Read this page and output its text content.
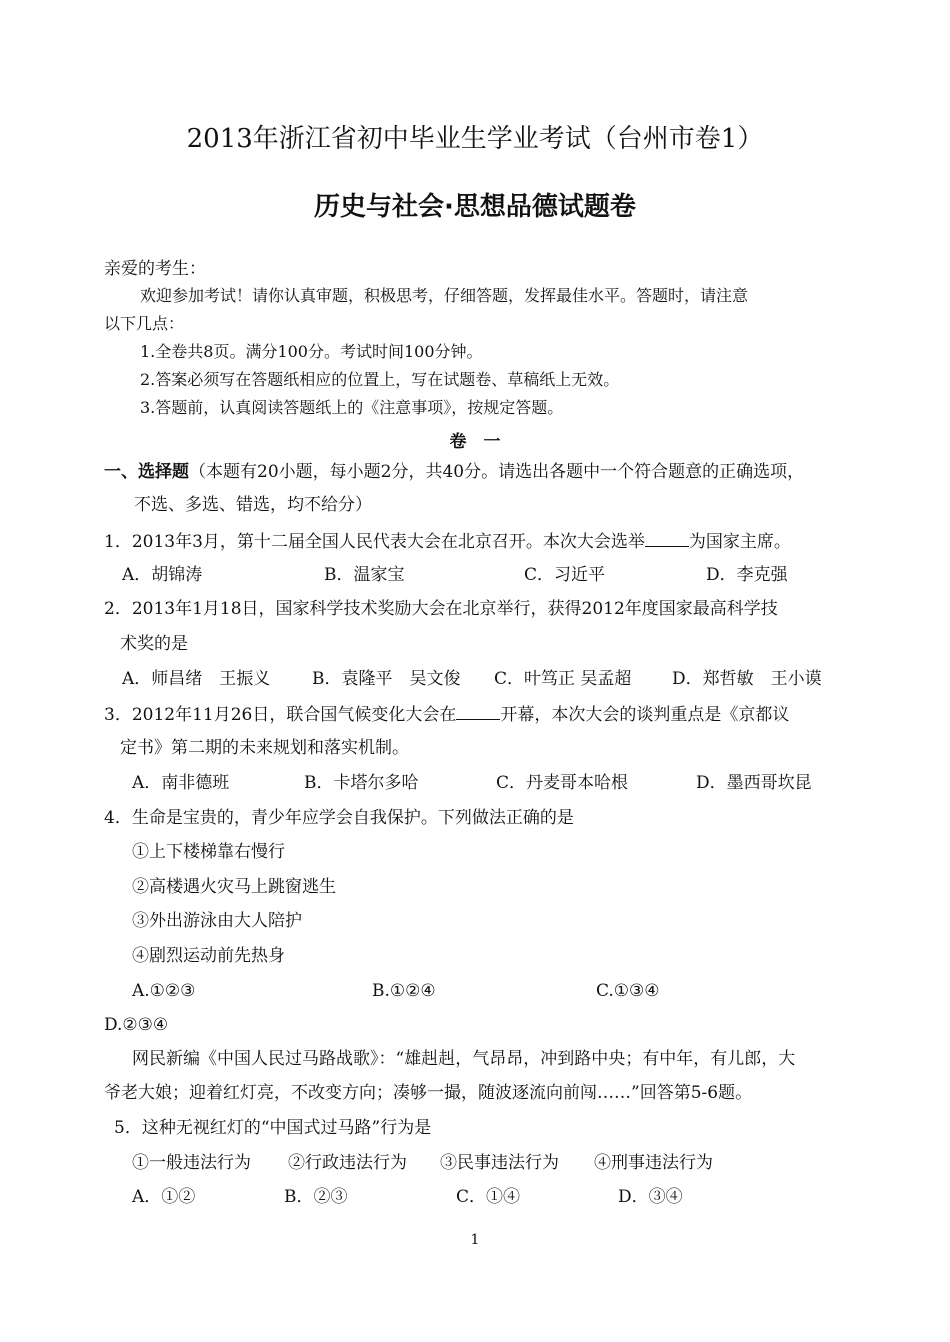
2013年浙江省初中毕业生学业考试（台州市卷1）
历史与社会·思想品德试题卷
亲爱的考生：
欢迎参加考试！请你认真审题，积极思考，仔细答题，发挥最佳水平。答题时，请注意
以下几点：
1.全卷共8页。满分100分。考试时间100分钟。
2.答案必须写在答题纸相应的位置上，写在试题卷、草稿纸上无效。
3.答题前，认真阅读答题纸上的《注意事项》，按规定答题。
卷　一
一、选择题（本题有20小题，每小题2分，共40分。请选出各题中一个符合题意的正确选项，
不选、多选、错选，均不给分）
1．2013年3月，第十二届全国人民代表大会在北京召开。本次大会选举	为国家主席。
A．胡锦涛	B．温家宝	C．习近平	D．李克强
2．2013年1月18日，国家科学技术奖励大会在北京举行，获得2012年度国家最高科学技
术奖的是
A．师昌绪　王振义 B．袁隆平　吴文俊 C．叶笃正 吴孟超 D．郑哲敏　王小谟
3．2012年11月26日，联合国气候变化大会在	开幕，本次大会的谈判重点是《京都议
定书》第二期的未来规划和落实机制。
A．南非德班	B．卡塔尔多哈	C．丹麦哥本哈根	D．墨西哥坎昆
4．生命是宝贵的，青少年应学会自我保护。下列做法正确的是
①上下楼梯靠右慢行
②高楼遇火灾马上跳窗逃生
③外出游泳由大人陪护
④剧烈运动前先热身
A.①②③	B.①②④	C.①③④
D.②③④
网民新编《中国人民过马路战歌》：“雄赳赳，气昂昂，冲到路中央；有中年，有儿郎，大
爷老大娘；迎着红灯亮，不改变方向；凑够一撮，随波逐流向前闯……”回答第5-6题。
5．这种无视红灯的“中国式过马路”行为是
①一般违法行为 ②行政违法行为 ③民事违法行为 ④刑事违法行为
A．①②	B．②③	C．①④	D．③④
1
